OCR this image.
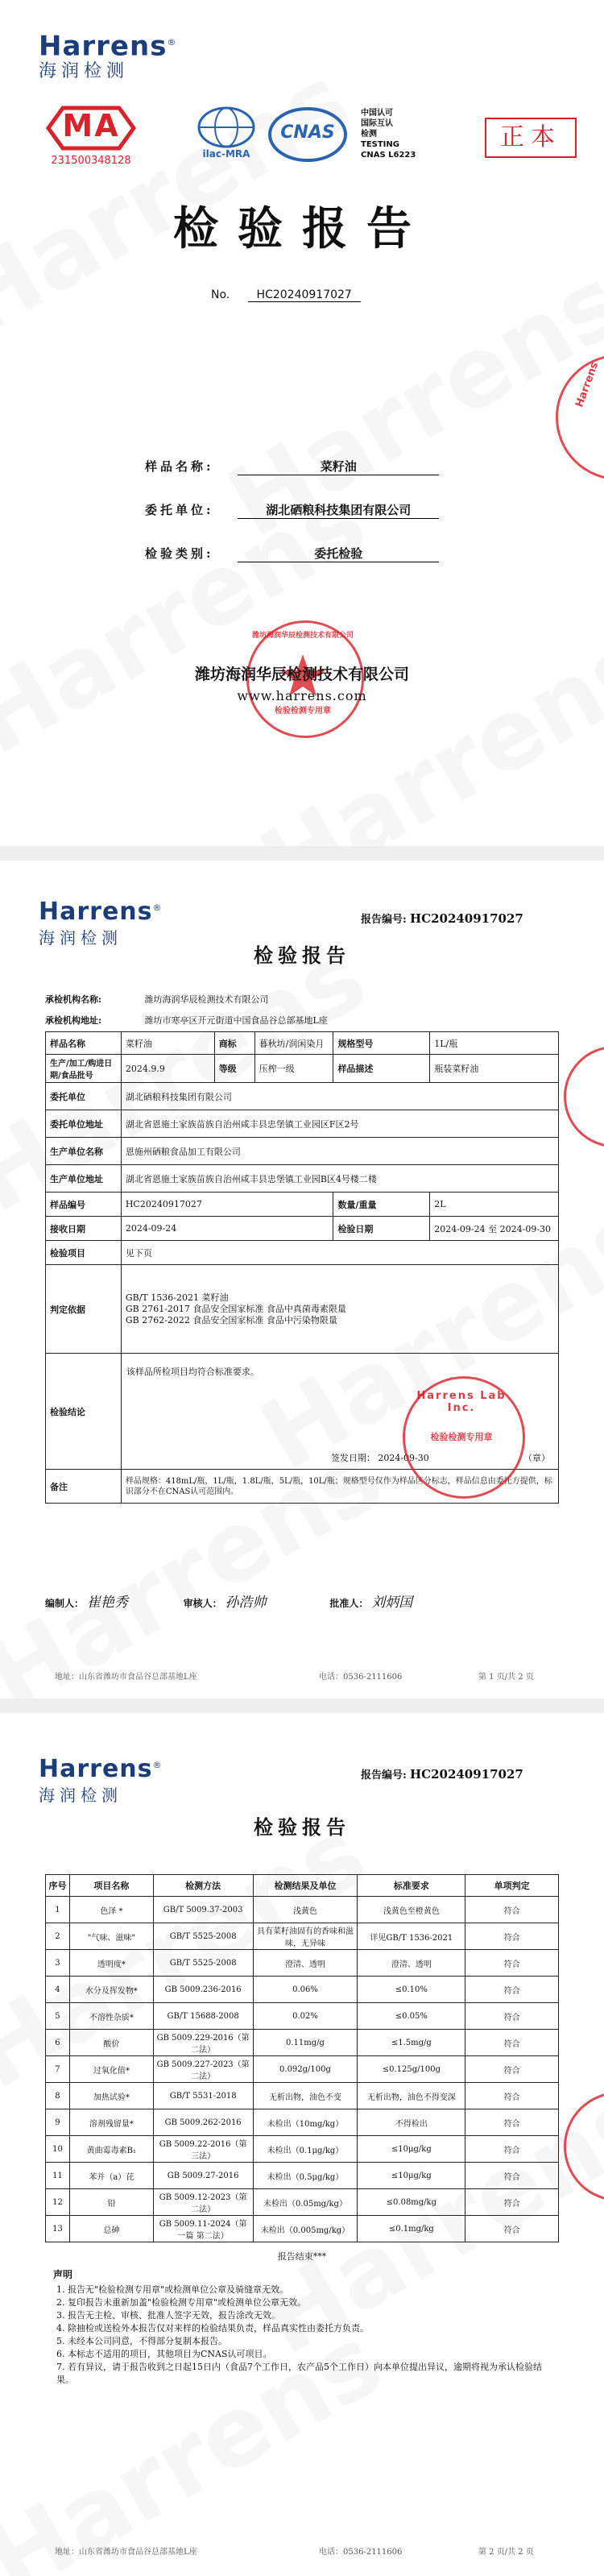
Harrens®
海润检测
MA
231500348128
ilac-MRA
CNAS
中国认可
国际互认
检测
TESTING
CNAS L6223
正本
检验报告
No. HC20240917027
样品名称:	菜籽油
委托单位:	湖北硒粮科技集团有限公司
检验类别:	委托检验
潍坊海润华辰检测技术有限公司
检验检测专用章
潍坊海润华辰检测技术有限公司
www.harrens.com
Harrens
Harrens®
海润检测
报告编号: HC20240917027
检验报告
承检机构名称:	潍坊海润华辰检测技术有限公司
承检机构地址:	潍坊市寒亭区开元街道中国食品谷总部基地L座
样品名称	菜籽油	商标	暮秋坊/润闲染月	规格型号	1L/瓶
生产/加工/购进日期/食品批号	2024.9.9	等级	压榨一级	样品描述	瓶装菜籽油
委托单位	湖北硒粮科技集团有限公司				
委托单位地址	湖北省恩施土家族苗族自治州咸丰县忠堡镇工业园区F区2号				
生产单位名称	恩施州硒粮食品加工有限公司				
生产单位地址	湖北省恩施土家族苗族自治州咸丰县忠堡镇工业园B区4号楼二楼				
样品编号	HC20240917027			数量/重量	2L
接收日期	2024-09-24			检验日期	2024-09-24 至 2024-09-30
检验项目	见下页				
判定依据	GB/T 1536-2021 菜籽油
GB 2761-2017 食品安全国家标准 食品中真菌毒素限量
GB 2762-2022 食品安全国家标准 食品中污染物限量				

检验结论	该样品所检项目均符合标准要求。
签发日期： 2024-09-30 （章）				

备注	样品规格：418mL/瓶，1L/瓶，1.8L/瓶，5L/瓶，10L/瓶；规格型号仅作为样品区分标志，样品信息由委托方提供，标识部分不在CNAS认可范围内。				
Harrens Lab Inc.
检验检测专用章
编制人： 崔艳秀	审核人： 孙浩帅	批准人： 刘炳国
地址：山东省潍坊市食品谷总部基地L座	电话：0536-2111606	第 1 页/共 2 页
Harrens®
海润检测
报告编号: HC20240917027
检验报告
序号	项目名称	检测方法	检测结果及单位	标准要求	单项判定
1	色泽 *	GB/T 5009.37-2003	浅黄色	浅黄色至橙黄色	符合
2	"气味、滋味"	GB/T 5525-2008	具有菜籽油固有的香味和滋味，无异味	详见GB/T 1536-2021	符合
3	透明度*	GB/T 5525-2008	澄清、透明	澄清、透明	符合
4	水分及挥发物*	GB 5009.236-2016	0.06%	≤0.10%	符合
5	不溶性杂质*	GB/T 15688-2008	0.02%	≤0.05%	符合
6	酸价	GB 5009.229-2016（第二法）	0.11mg/g	≤1.5mg/g	符合
7	过氧化值*	GB 5009.227-2023（第二法）	0.092g/100g	≤0.125g/100g	符合
8	加热试验*	GB/T 5531-2018	无析出物，油色不变	无析出物，油色不得变深	符合
9	溶剂残留量*	GB 5009.262-2016	未检出（10mg/kg）	不得检出	符合
10	黄曲霉毒素B₁	GB 5009.22-2016（第三法）	未检出（0.1μg/kg）	≤10μg/kg	符合
11	苯并（a）芘	GB 5009.27-2016	未检出（0.5μg/kg）	≤10μg/kg	符合
12	铅	GB 5009.12-2023（第二法）	未检出（0.05mg/kg）	≤0.08mg/kg	符合
13	总砷	GB 5009.11-2024（第一篇 第二法）	未检出（0.005mg/kg）	≤0.1mg/kg	符合
报告结束***
声明
1. 报告无"检验检测专用章"或检测单位公章及骑缝章无效。
2. 复印报告未重新加盖"检验检测专用章"或检测单位公章无效。
3. 报告无主检、审核、批准人签字无效，报告涂改无效。
4. 除抽检或送检外本报告仅对来样的检验结果负责，样品真实性由委托方负责。
5. 未经本公司同意，不得部分复制本报告。
6. 本标志不适用的项目，其他项目为CNAS认可项目。
7. 若有异议，请于报告收到之日起15日内（食品7个工作日，农产品5个工作日）向本单位提出异议，逾期将视为承认检验结果。
地址：山东省潍坊市食品谷总部基地L座	电话：0536-2111606	第 2 页/共 2 页
